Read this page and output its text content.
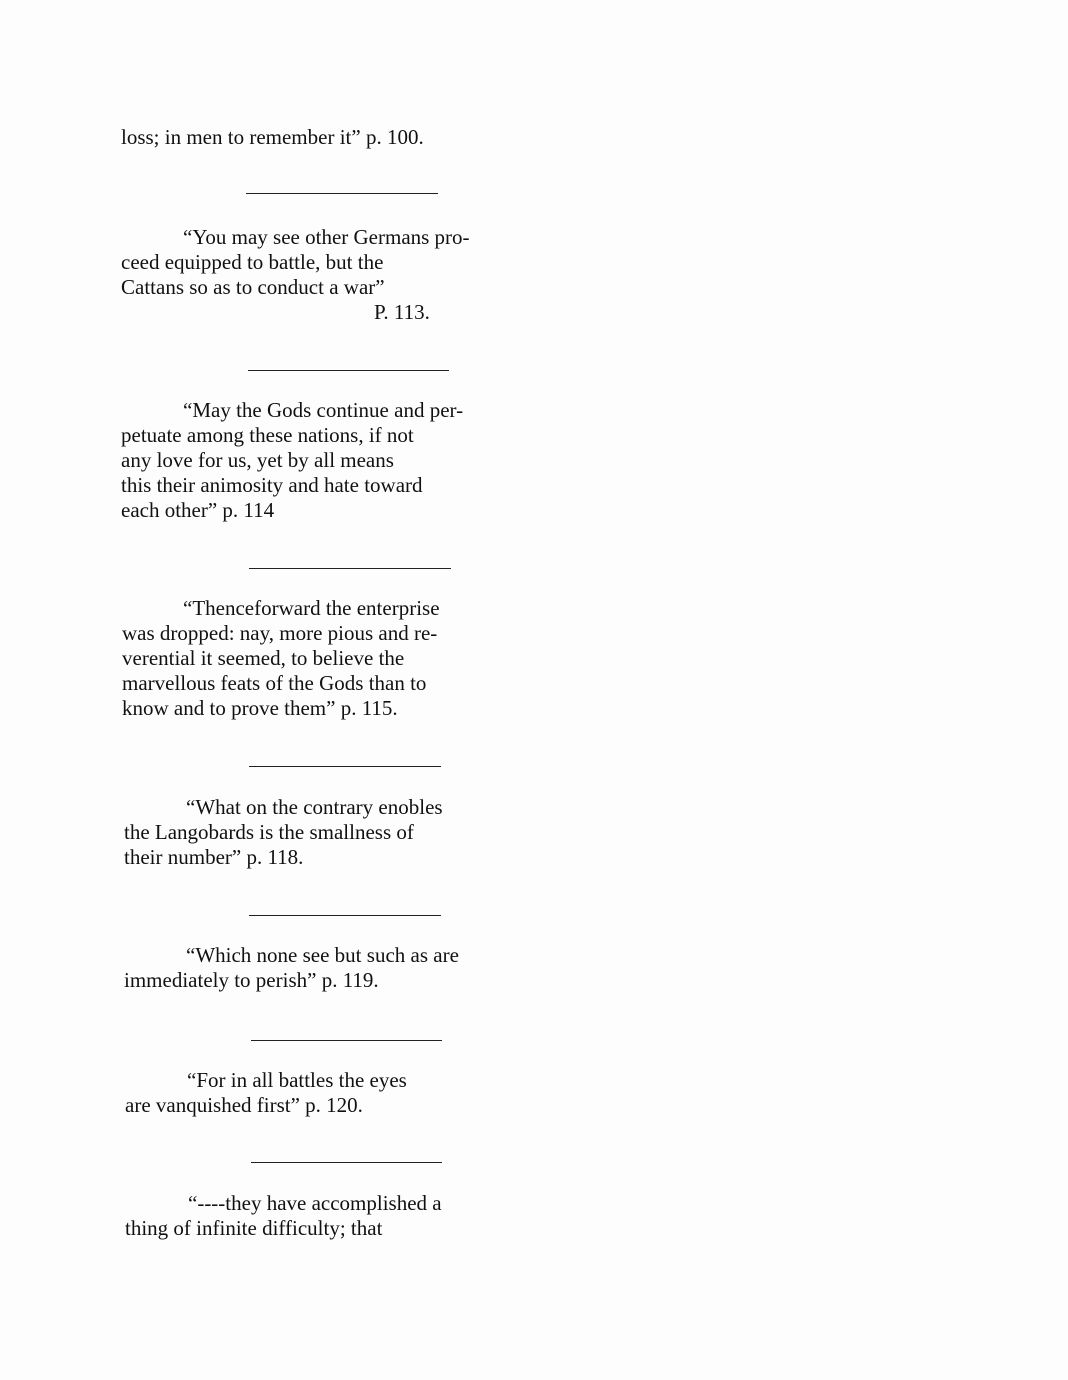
loss; in men to remember it” p. 100.

“You may see other Germans pro-

ceed equipped to battle, but the

Cattans so as to conduct a war”

P. 113.

“May the Gods continue and per-

petuate among these nations, if not

any love for us, yet by all means

this their animosity and hate toward

each other” p. 114

“Thenceforward the enterprise

was dropped: nay, more pious and re-

verential it seemed, to believe the

marvellous feats of the Gods than to

know and to prove them” p. 115.

“What on the contrary enobles

the Langobards is the smallness of

their number” p. 118.

“Which none see but such as are

immediately to perish” p. 119.

“For in all battles the eyes

are vanquished first” p. 120.

“----they have accomplished a

thing of infinite difficulty; that
